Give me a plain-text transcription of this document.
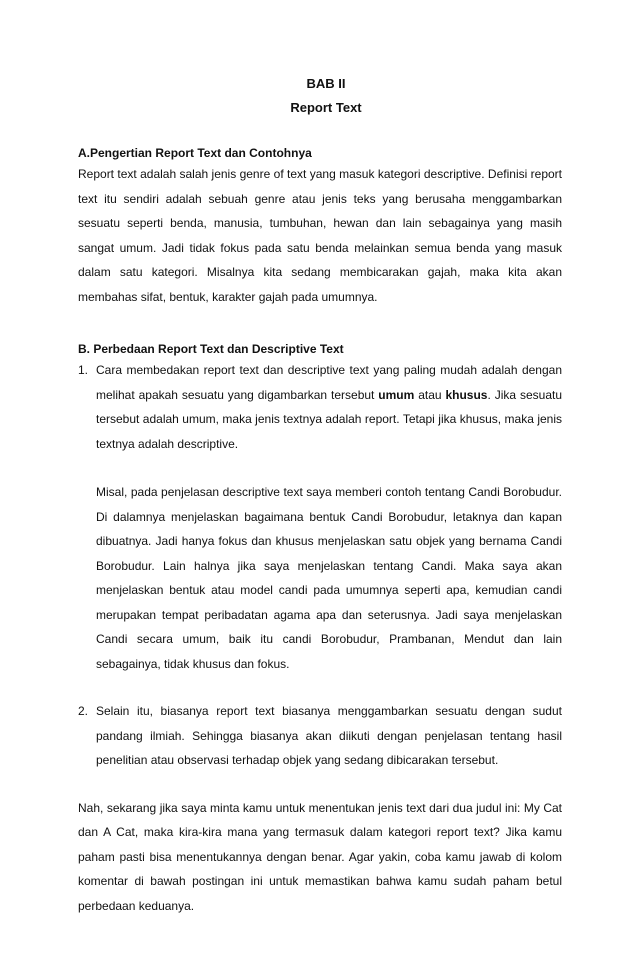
BAB II

Report Text

A.Pengertian Report Text dan Contohnya

Report text adalah salah jenis genre of text yang masuk kategori descriptive. Definisi report text itu sendiri adalah sebuah genre atau jenis teks yang berusaha menggambarkan sesuatu seperti benda, manusia, tumbuhan, hewan dan lain sebagainya yang masih sangat umum. Jadi tidak fokus pada satu benda melainkan semua benda yang masuk dalam satu kategori. Misalnya kita sedang membicarakan gajah, maka kita akan membahas sifat, bentuk, karakter gajah pada umumnya.

B. Perbedaan Report Text dan Descriptive Text

1. Cara membedakan report text dan descriptive text yang paling mudah adalah dengan melihat apakah sesuatu yang digambarkan tersebut umum atau khusus. Jika sesuatu tersebut adalah umum, maka jenis textnya adalah report. Tetapi jika khusus, maka jenis textnya adalah descriptive.

Misal, pada penjelasan descriptive text saya memberi contoh tentang Candi Borobudur. Di dalamnya menjelaskan bagaimana bentuk Candi Borobudur, letaknya dan kapan dibuatnya. Jadi hanya fokus dan khusus menjelaskan satu objek yang bernama Candi Borobudur. Lain halnya jika saya menjelaskan tentang Candi. Maka saya akan menjelaskan bentuk atau model candi pada umumnya seperti apa, kemudian candi merupakan tempat peribadatan agama apa dan seterusnya. Jadi saya menjelaskan Candi secara umum, baik itu candi Borobudur, Prambanan, Mendut dan lain sebagainya, tidak khusus dan fokus.

2. Selain itu, biasanya report text biasanya menggambarkan sesuatu dengan sudut pandang ilmiah. Sehingga biasanya akan diikuti dengan penjelasan tentang hasil penelitian atau observasi terhadap objek yang sedang dibicarakan tersebut.

Nah, sekarang jika saya minta kamu untuk menentukan jenis text dari dua judul ini: My Cat dan A Cat, maka kira-kira mana yang termasuk dalam kategori report text? Jika kamu paham pasti bisa menentukannya dengan benar. Agar yakin, coba kamu jawab di kolom komentar di bawah postingan ini untuk memastikan bahwa kamu sudah paham betul perbedaan keduanya.
